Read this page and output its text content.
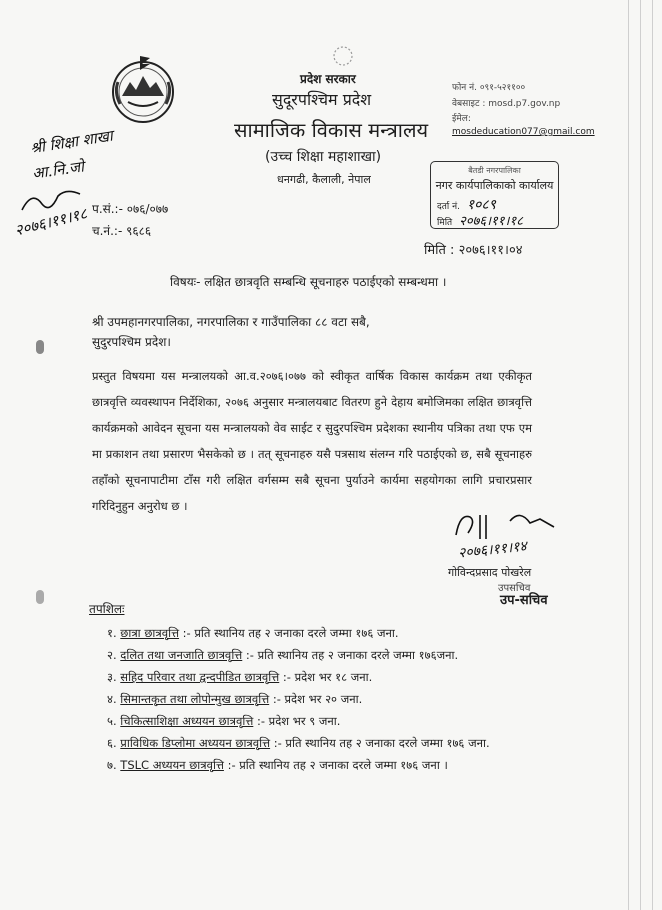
प्रदेश सरकार
सुदूरपश्चिम प्रदेश
सामाजिक विकास मन्त्रालय
(उच्च शिक्षा महाशाखा)
धनगढी, कैलाली, नेपाल
फोन नं. ०९१-५२११००
वेबसाइट : mosd.p7.gov.np
ईमेल:
mosdeducation077@gmail.com
श्री शिक्षा शाखा
आ.नि.जो
२०७६।११।१८ प.सं.:- ०७६/०७७
च.नं.:- ९६८६
बैतडी नगरपालिका
नगर कार्यपालिकाको कार्यालय
दर्ता नं. १०८९
मिति २०७६।११।१८
मिति : २०७६।११।०४
विषयः- लक्षित छात्रवृति सम्बन्धि सूचनाहरु पठाईएको सम्बन्धमा ।
श्री उपमहानगरपालिका, नगरपालिका र गाउँपालिका ८८ वटा सबै,
सुदुरपश्चिम प्रदेश।
प्रस्तुत विषयमा यस मन्त्रालयको आ.व.२०७६।०७७ को स्वीकृत वार्षिक विकास कार्यक्रम तथा एकीकृत छात्रवृत्ति व्यवस्थापन निर्देशिका, २०७६ अनुसार मन्त्रालयबाट वितरण हुने देहाय बमोजिमका लक्षित छात्रवृत्ति कार्यक्रमको आवेदन सूचना यस मन्त्रालयको वेव साईट र सुदुरपश्चिम प्रदेशका स्थानीय पत्रिका तथा एफ एम मा प्रकाशन तथा प्रसारण भैसकेको छ । तत् सूचनाहरु यसै पत्रसाथ संलग्न गरि पठाईएको छ, सबै सूचनाहरु तहाँको सूचनापाटीमा टाँस गरी लक्षित वर्गसम्म सबै सूचना पुर्याउने कार्यमा सहयोगका लागि प्रचारप्रसार गरिदिनुहुन अनुरोध छ ।
२०७६।११।१४
गोविन्दप्रसाद पोखरेल
उपसचिव
उप-सचिव
तपशिलः
१. छात्रा छात्रवृत्ति :- प्रति स्थानिय तह २ जनाका दरले जम्मा १७६ जना.
२. दलित तथा जनजाति छात्रवृत्ति :- प्रति स्थानिय तह २ जनाका दरले जम्मा १७६जना.
३. सहिद परिवार तथा द्वन्दपीडित छात्रवृत्ति :- प्रदेश भर १८ जना.
४. सिमान्तकृत तथा लोपोन्मुख छात्रवृत्ति :- प्रदेश भर २० जना.
५. चिकित्साशिक्षा अध्ययन छात्रवृत्ति :- प्रदेश भर ९ जना.
६. प्राविधिक डिप्लोमा अध्ययन छात्रवृत्ति :- प्रति स्थानिय तह २ जनाका दरले जम्मा १७६ जना.
७. TSLC अध्ययन छात्रवृत्ति :- प्रति स्थानिय तह २ जनाका दरले जम्मा १७६ जना ।
